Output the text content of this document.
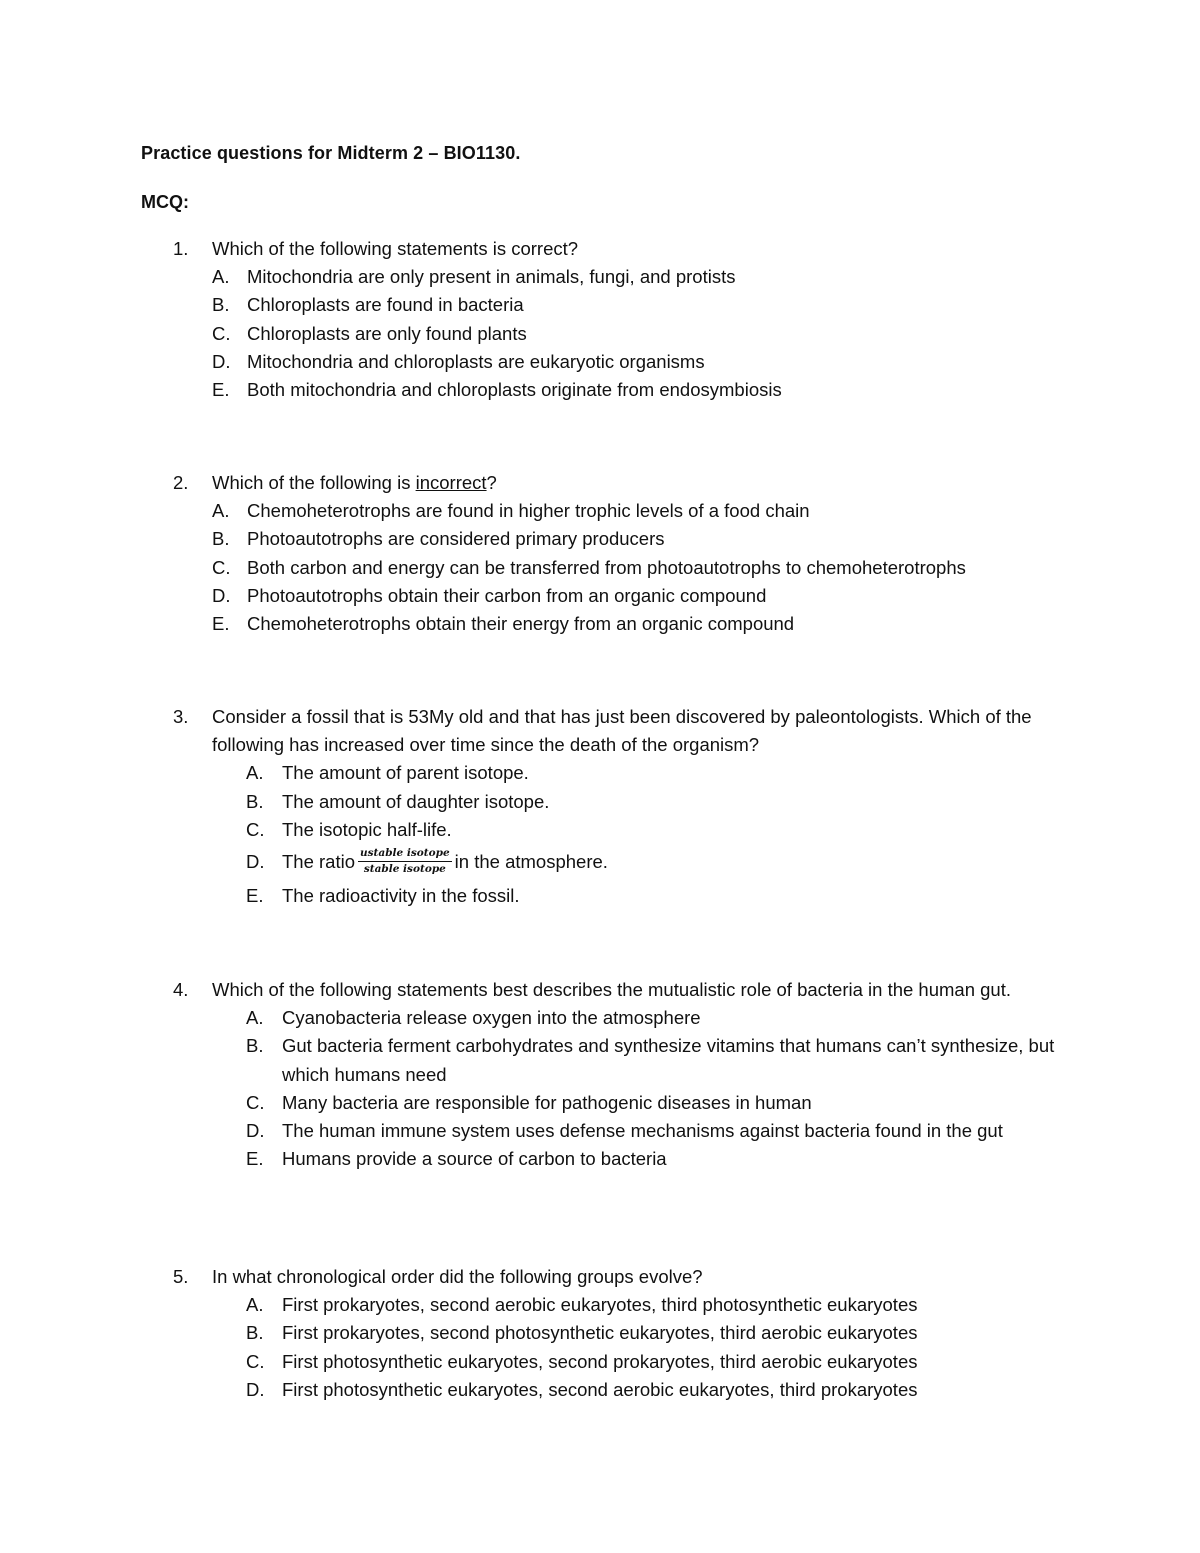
Practice questions for Midterm 2 – BIO1130.
MCQ:
1. Which of the following statements is correct?
A. Mitochondria are only present in animals, fungi, and protists
B. Chloroplasts are found in bacteria
C. Chloroplasts are only found plants
D. Mitochondria and chloroplasts are eukaryotic organisms
E. Both mitochondria and chloroplasts originate from endosymbiosis
2. Which of the following is incorrect?
A. Chemoheterotrophs are found in higher trophic levels of a food chain
B. Photoautotrophs are considered primary producers
C. Both carbon and energy can be transferred from photoautotrophs to chemoheterotrophs
D. Photoautotrophs obtain their carbon from an organic compound
E. Chemoheterotrophs obtain their energy from an organic compound
3. Consider a fossil that is 53My old and that has just been discovered by paleontologists. Which of the following has increased over time since the death of the organism?
A. The amount of parent isotope.
B. The amount of daughter isotope.
C. The isotopic half-life.
D. The ratio $\frac{\text{ustable isotope}}{\text{stable isotope}}$ in the atmosphere.
E. The radioactivity in the fossil.
4. Which of the following statements best describes the mutualistic role of bacteria in the human gut.
A. Cyanobacteria release oxygen into the atmosphere
B. Gut bacteria ferment carbohydrates and synthesize vitamins that humans can’t synthesize, but which humans need
C. Many bacteria are responsible for pathogenic diseases in human
D. The human immune system uses defense mechanisms against bacteria found in the gut
E. Humans provide a source of carbon to bacteria
5. In what chronological order did the following groups evolve?
A. First prokaryotes, second aerobic eukaryotes, third photosynthetic eukaryotes
B. First prokaryotes, second photosynthetic eukaryotes, third aerobic eukaryotes
C. First photosynthetic eukaryotes, second prokaryotes, third aerobic eukaryotes
D. First photosynthetic eukaryotes, second aerobic eukaryotes, third prokaryotes
